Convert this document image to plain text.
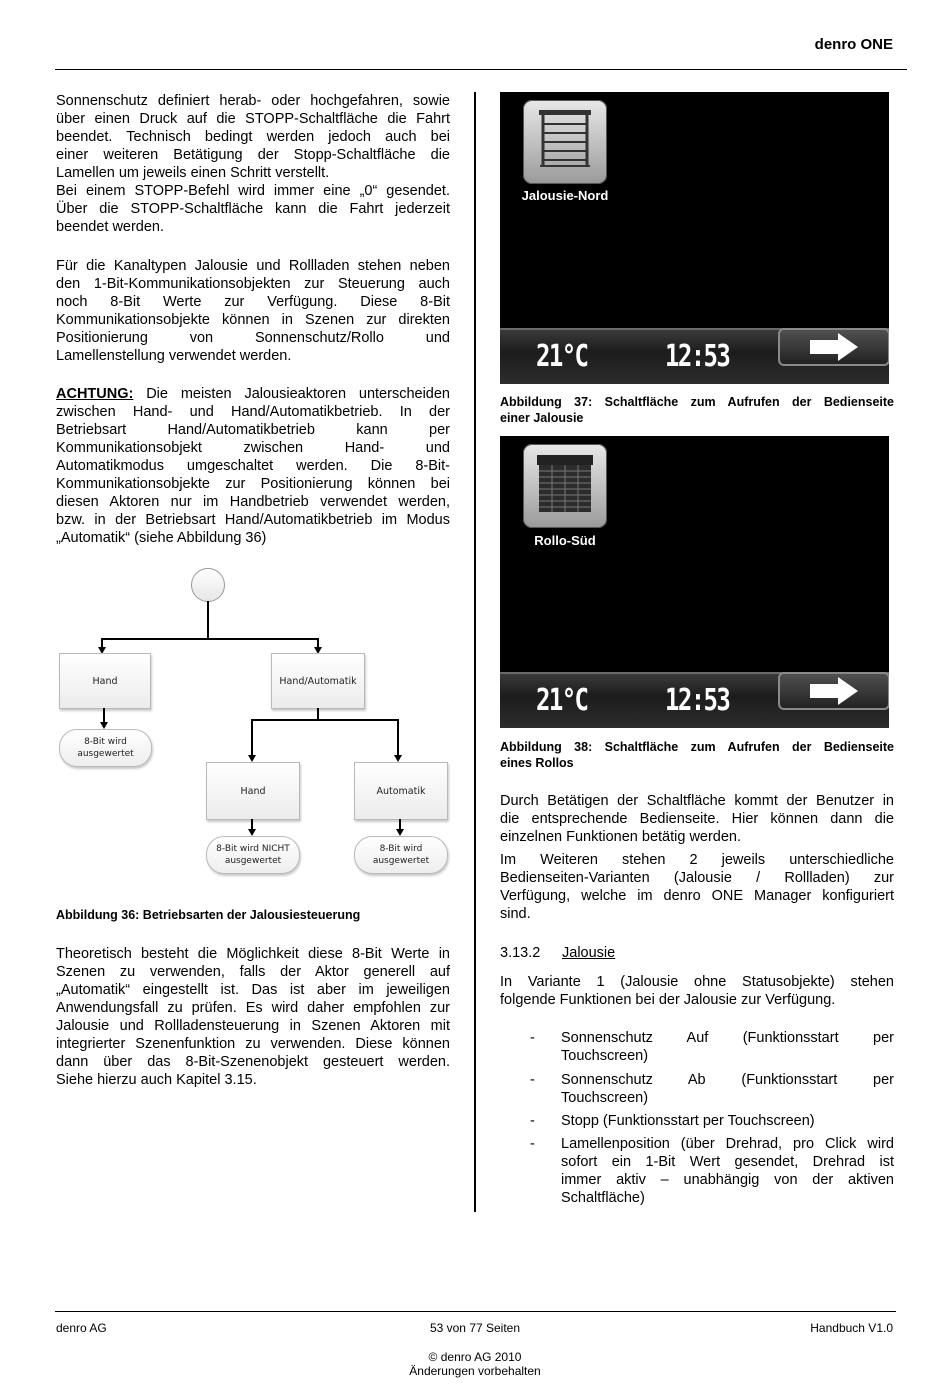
denro ONE
Sonnenschutz definiert herab- oder hochgefahren, sowie
über einen Druck auf die STOPP-Schaltfläche die Fahrt
beendet. Technisch bedingt werden jedoch auch bei
einer weiteren Betätigung der Stopp-Schaltfläche die
Lamellen um jeweils einen Schritt verstellt.
Bei einem STOPP-Befehl wird immer eine „0“ gesendet.
Über die STOPP-Schaltfläche kann die Fahrt jederzeit
beendet werden.
Für die Kanaltypen Jalousie und Rollladen stehen neben
den 1-Bit-Kommunikationsobjekten zur Steuerung auch
noch 8-Bit Werte zur Verfügung. Diese 8-Bit
Kommunikationsobjekte können in Szenen zur direkten
Positionierung von Sonnenschutz/Rollo und
Lamellenstellung verwendet werden.
ACHTUNG: Die meisten Jalousieaktoren unterscheiden
zwischen Hand- und Hand/Automatikbetrieb. In der
Betriebsart Hand/Automatikbetrieb kann per
Kommunikationsobjekt zwischen Hand- und
Automatikmodus umgeschaltet werden. Die 8-Bit-
Kommunikationsobjekte zur Positionierung können bei
diesen Aktoren nur im Handbetrieb verwendet werden,
bzw. in der Betriebsart Hand/Automatikbetrieb im Modus
„Automatik“ (siehe Abbildung 36)
Hand	Hand/Automatik
8-Bit wird
ausgewertet
Hand	Automatik
8-Bit wird NICHT
ausgewertet
8-Bit wird
ausgewertet
Abbildung 36: Betriebsarten der Jalousiesteuerung
Theoretisch besteht die Möglichkeit diese 8-Bit Werte in
Szenen zu verwenden, falls der Aktor generell auf
„Automatik“ eingestellt ist. Das ist aber im jeweiligen
Anwendungsfall zu prüfen. Es wird daher empfohlen zur
Jalousie und Rollladensteuerung in Szenen Aktoren mit
integrierter Szenenfunktion zu verwenden. Diese können
dann über das 8-Bit-Szenenobjekt gesteuert werden.
Siehe hierzu auch Kapitel 3.15.
Jalousie-Nord
21°C	12:53
Abbildung 37: Schaltfläche zum Aufrufen der Bedienseite
einer Jalousie
Rollo-Süd
21°C	12:53
Abbildung 38: Schaltfläche zum Aufrufen der Bedienseite
eines Rollos
Durch Betätigen der Schaltfläche kommt der Benutzer in
die entsprechende Bedienseite. Hier können dann die
einzelnen Funktionen betätig werden.
Im Weiteren stehen 2 jeweils unterschiedliche
Bedienseiten-Varianten (Jalousie / Rollladen) zur
Verfügung, welche im denro ONE Manager konfiguriert
sind.
3.13.2 Jalousie
In Variante 1 (Jalousie ohne Statusobjekte) stehen
folgende Funktionen bei der Jalousie zur Verfügung.
- Sonnenschutz Auf (Funktionsstart per
Touchscreen)
- Sonnenschutz Ab (Funktionsstart per
Touchscreen)
- Stopp (Funktionsstart per Touchscreen)
- Lamellenposition (über Drehrad, pro Click wird
sofort ein 1-Bit Wert gesendet, Drehrad ist
immer aktiv – unabhängig von der aktiven
Schaltfläche)
denro AG	53 von 77 Seiten	Handbuch V1.0
© denro AG 2010
Änderungen vorbehalten
